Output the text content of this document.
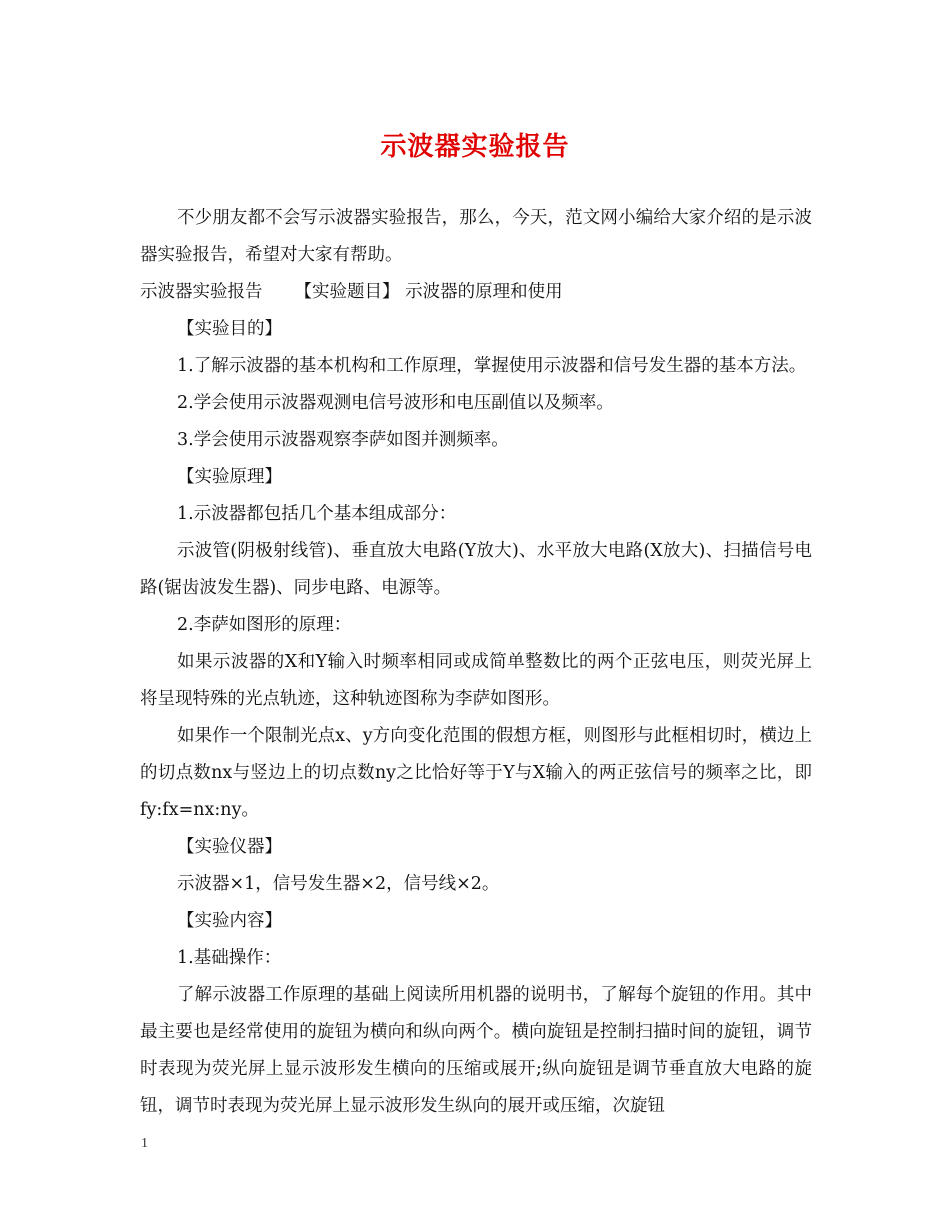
示波器实验报告

不少朋友都不会写示波器实验报告，那么，今天，范文网小编给大家介绍的是示波器实验报告，希望对大家有帮助。

示波器实验报告 【实验题目】 示波器的原理和使用

【实验目的】

1.了解示波器的基本机构和工作原理，掌握使用示波器和信号发生器的基本方法。

2.学会使用示波器观测电信号波形和电压副值以及频率。

3.学会使用示波器观察李萨如图并测频率。

【实验原理】

1.示波器都包括几个基本组成部分：

示波管(阴极射线管)、垂直放大电路(Y放大)、水平放大电路(X放大)、扫描信号电路(锯齿波发生器)、同步电路、电源等。

2.李萨如图形的原理：

如果示波器的X和Y输入时频率相同或成简单整数比的两个正弦电压，则荧光屏上将呈现特殊的光点轨迹，这种轨迹图称为李萨如图形。

如果作一个限制光点x、y方向变化范围的假想方框，则图形与此框相切时，横边上的切点数nx与竖边上的切点数ny之比恰好等于Y与X输入的两正弦信号的频率之比，即fy:fx=nx:ny。

【实验仪器】

示波器×1，信号发生器×2，信号线×2。

【实验内容】

1.基础操作：

了解示波器工作原理的基础上阅读所用机器的说明书，了解每个旋钮的作用。其中最主要也是经常使用的旋钮为横向和纵向两个。横向旋钮是控制扫描时间的旋钮，调节时表现为荧光屏上显示波形发生横向的压缩或展开;纵向旋钮是调节垂直放大电路的旋钮，调节时表现为荧光屏上显示波形发生纵向的展开或压缩，次旋钮

1
